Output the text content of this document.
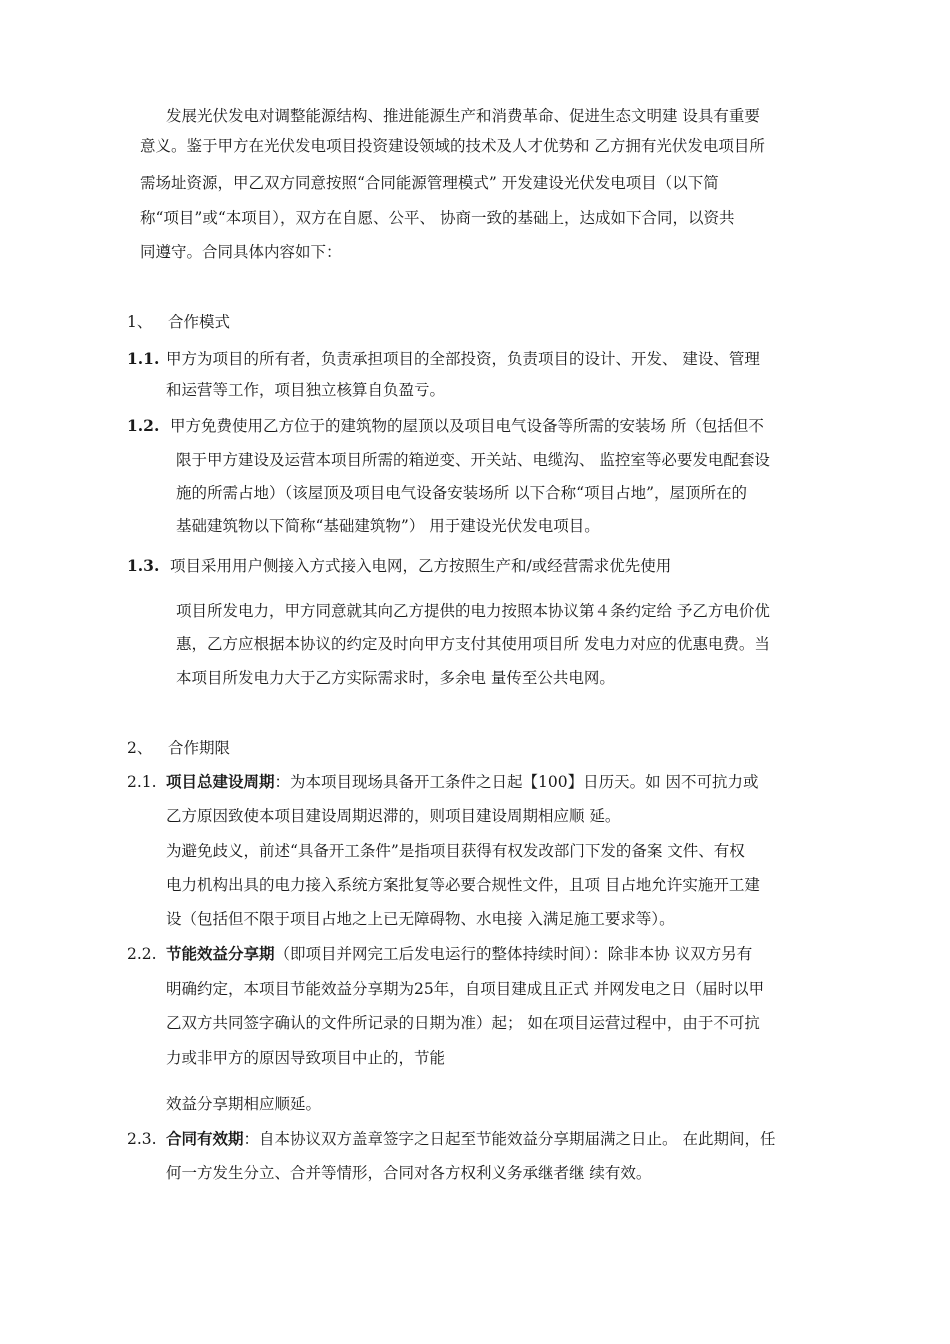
发展光伏发电对调整能源结构、推进能源生产和消费革命、促进生态文明建 设具有重要
意义。鉴于甲方在光伏发电项目投资建设领域的技术及人才优势和 乙方拥有光伏发电项目所
需场址资源，甲乙双方同意按照“合同能源管理模式” 开发建设光伏发电项目（以下简
称“项目”或“本项目），双方在自愿、公平、 协商一致的基础上，达成如下合同，以资共
同遵守。合同具体内容如下：
1、 合作模式
1.1. 甲方为项目的所有者，负责承担项目的全部投资，负责项目的设计、开发、 建设、管理
和运营等工作，项目独立核算自负盈亏。
1.2. 甲方免费使用乙方位于的建筑物的屋顶以及项目电气设备等所需的安装场 所（包括但不
限于甲方建设及运营本项目所需的箱逆变、开关站、电缆沟、 监控室等必要发电配套设
施的所需占地）（该屋顶及项目电气设备安装场所 以下合称“项目占地”，屋顶所在的
基础建筑物以下简称“基础建筑物”） 用于建设光伏发电项目。
1.3. 项目采用用户侧接入方式接入电网，乙方按照生产和/或经营需求优先使用
项目所发电力，甲方同意就其向乙方提供的电力按照本协议第４条约定给 予乙方电价优
惠，乙方应根据本协议的约定及时向甲方支付其使用项目所 发电力对应的优惠电费。当
本项目所发电力大于乙方实际需求时，多余电 量传至公共电网。
2、 合作期限
2.1. 项目总建设周期：为本项目现场具备开工条件之日起【100】日历天。如 因不可抗力或
乙方原因致使本项目建设周期迟滞的，则项目建设周期相应顺 延。
为避免歧义，前述“具备开工条件”是指项目获得有权发改部门下发的备案 文件、有权
电力机构出具的电力接入系统方案批复等必要合规性文件，且项 目占地允许实施开工建
设（包括但不限于项目占地之上已无障碍物、水电接 入满足施工要求等）。
2.2. 节能效益分享期（即项目并网完工后发电运行的整体持续时间）：除非本协 议双方另有
明确约定，本项目节能效益分享期为25年，自项目建成且正式 并网发电之日（届时以甲
乙双方共同签字确认的文件所记录的日期为准）起； 如在项目运营过程中，由于不可抗
力或非甲方的原因导致项目中止的，节能
效益分享期相应顺延。
2.3. 合同有效期：自本协议双方盖章签字之日起至节能效益分享期届满之日止。 在此期间，任
何一方发生分立、合并等情形，合同对各方权利义务承继者继 续有效。
